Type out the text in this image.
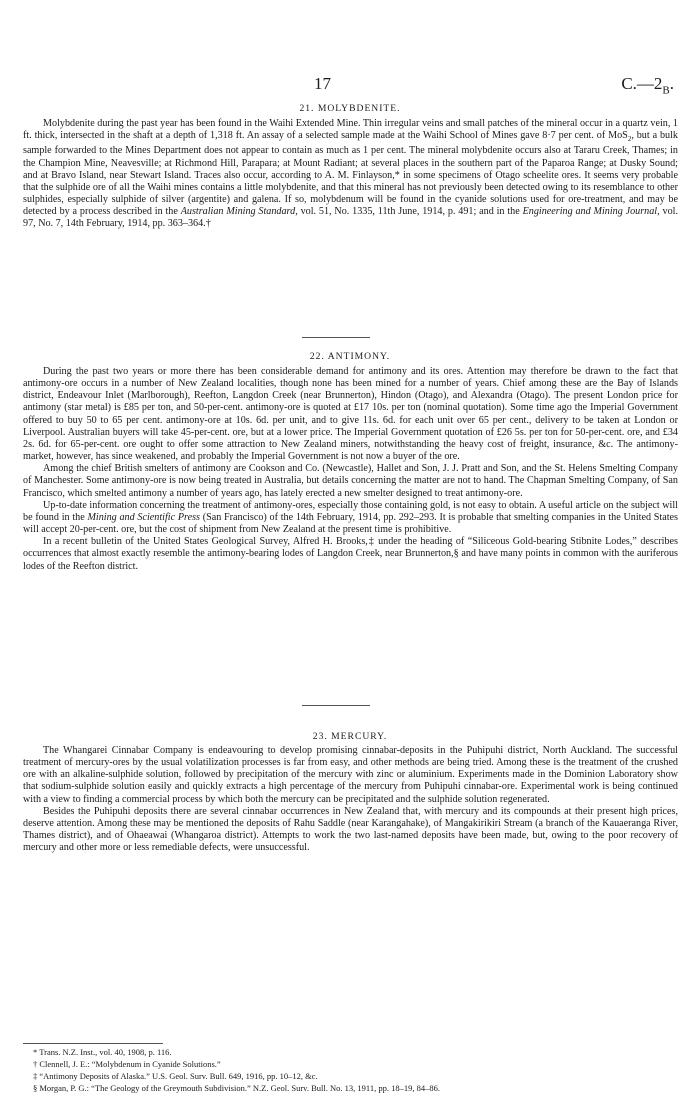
17	$C.—2_B$.
21. MOLYBDENITE.

Molybdenite during the past year has been found in the Waihi Extended Mine. Thin irregular veins and small patches of the mineral occur in a quartz vein, 1 ft. thick, intersected in the shaft at a depth of 1,318 ft. An assay of a selected sample made at the Waihi School of Mines gave 8·7 per cent. of MoS$_2$, but a bulk sample forwarded to the Mines Department does not appear to contain as much as 1 per cent. The mineral molybdenite occurs also at Tararu Creek, Thames; in the Champion Mine, Neavesville; at Richmond Hill, Parapara; at Mount Radiant; at several places in the southern part of the Paparoa Range; at Dusky Sound; and at Bravo Island, near Stewart Island. Traces also occur, according to A. M. Finlayson,* in some specimens of Otago scheelite ores. It seems very probable that the sulphide ore of all the Waihi mines contains a little molybdenite, and that this mineral has not previously been detected owing to its resemblance to other sulphides, especially sulphide of silver (argentite) and galena. If so, molybdenum will be found in the cyanide solutions used for ore-treatment, and may be detected by a process described in the Australian Mining Standard, vol. 51, No. 1335, 11th June, 1914, p. 491; and in the Engineering and Mining Journal, vol. 97, No. 7, 14th February, 1914, pp. 363–364.†

22. ANTIMONY.

During the past two years or more there has been considerable demand for antimony and its ores. Attention may therefore be drawn to the fact that antimony-ore occurs in a number of New Zealand localities, though none has been mined for a number of years. Chief among these are the Bay of Islands district, Endeavour Inlet (Marlborough), Reefton, Langdon Creek (near Brunnerton), Hindon (Otago), and Alexandra (Otago). The present London price for antimony (star metal) is £85 per ton, and 50-per-cent. antimony-ore is quoted at £17 10s. per ton (nominal quotation). Some time ago the Imperial Government offered to buy 50 to 65 per cent. antimony-ore at 10s. 6d. per unit, and to give 11s. 6d. for each unit over 65 per cent., delivery to be taken at London or Liverpool. Australian buyers will take 45-per-cent. ore, but at a lower price. The Imperial Government quotation of £26 5s. per ton for 50-per-cent. ore, and £34 2s. 6d. for 65-per-cent. ore ought to offer some attraction to New Zealand miners, notwithstanding the heavy cost of freight, insurance, &c. The antimony-market, however, has since weakened, and probably the Imperial Government is not now a buyer of the ore.

Among the chief British smelters of antimony are Cookson and Co. (Newcastle), Hallet and Son, J. J. Pratt and Son, and the St. Helens Smelting Company of Manchester. Some antimony-ore is now being treated in Australia, but details concerning the matter are not to hand. The Chapman Smelting Company, of San Francisco, which smelted antimony a number of years ago, has lately erected a new smelter designed to treat antimony-ore.

Up-to-date information concerning the treatment of antimony-ores, especially those containing gold, is not easy to obtain. A useful article on the subject will be found in the Mining and Scientific Press (San Francisco) of the 14th February, 1914, pp. 292–293. It is probable that smelting companies in the United States will accept 20-per-cent. ore, but the cost of shipment from New Zealand at the present time is prohibitive.

In a recent bulletin of the United States Geological Survey, Alfred H. Brooks,‡ under the heading of “Siliceous Gold-bearing Stibnite Lodes,” describes occurrences that almost exactly resemble the antimony-bearing lodes of Langdon Creek, near Brunnerton,§ and have many points in common with the auriferous lodes of the Reefton district.

23. MERCURY.

The Whangarei Cinnabar Company is endeavouring to develop promising cinnabar-deposits in the Puhipuhi district, North Auckland. The successful treatment of mercury-ores by the usual volatilization processes is far from easy, and other methods are being tried. Among these is the treatment of the crushed ore with an alkaline-sulphide solution, followed by precipitation of the mercury with zinc or aluminium. Experiments made in the Dominion Laboratory show that sodium-sulphide solution easily and quickly extracts a high percentage of the mercury from Puhipuhi cinnabar-ore. Experimental work is being continued with a view to finding a commercial process by which both the mercury can be precipitated and the sulphide solution regenerated.

Besides the Puhipuhi deposits there are several cinnabar occurrences in New Zealand that, with mercury and its compounds at their present high prices, deserve attention. Among these may be mentioned the deposits of Rahu Saddle (near Karangahake), of Mangakirikiri Stream (a branch of the Kauaeranga River, Thames district), and of Ohaeawai (Whangaroa district). Attempts to work the two last-named deposits have been made, but, owing to the poor recovery of mercury and other more or less remediable defects, were unsuccessful.

* Trans. N.Z. Inst., vol. 40, 1908, p. 116.

† Clennell, J. E.: “Molybdenum in Cyanide Solutions.”

‡ “Antimony Deposits of Alaska.” U.S. Geol. Surv. Bull. 649, 1916, pp. 10–12, &c.

§ Morgan, P. G.: “The Geology of the Greymouth Subdivision.” N.Z. Geol. Surv. Bull. No. 13, 1911, pp. 18–19, 84–86.
